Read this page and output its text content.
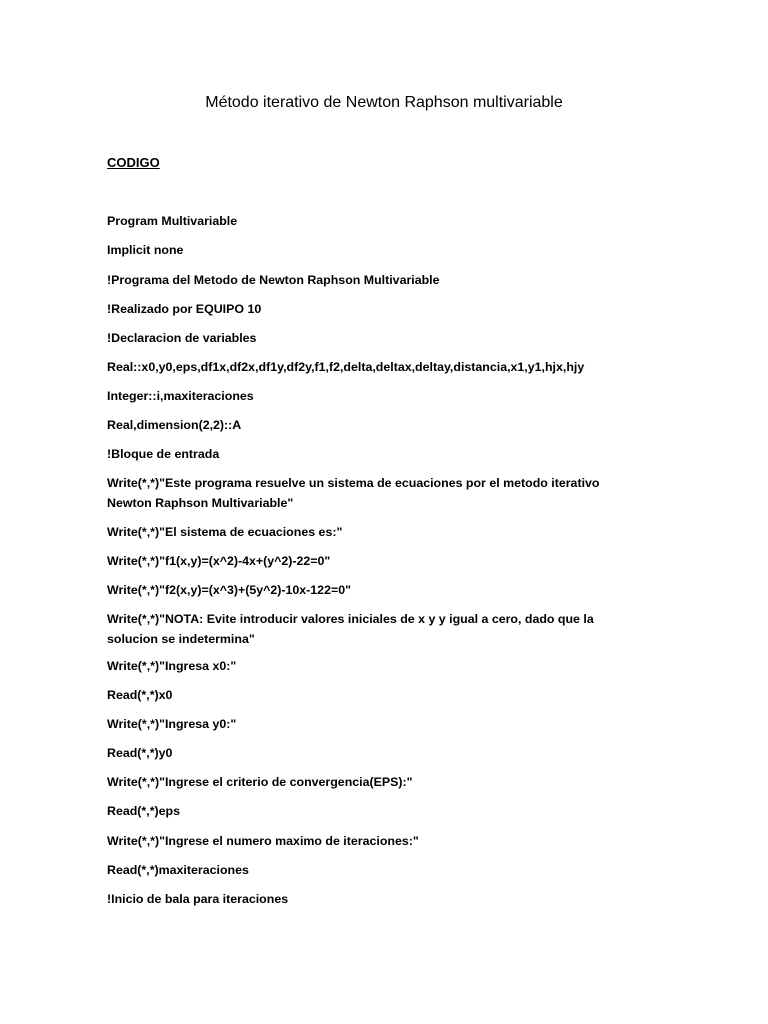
Método iterativo de Newton Raphson multivariable
CODIGO
Program Multivariable
Implicit none
!Programa del Metodo de Newton Raphson Multivariable
!Realizado por EQUIPO 10
!Declaracion de variables
Real::x0,y0,eps,df1x,df2x,df1y,df2y,f1,f2,delta,deltax,deltay,distancia,x1,y1,hjx,hjy
Integer::i,maxiteraciones
Real,dimension(2,2)::A
!Bloque de entrada
Write(*,*)"Este programa resuelve un sistema de ecuaciones por el metodo iterativo Newton Raphson Multivariable"
Write(*,*)"El sistema de ecuaciones es:"
Write(*,*)"f1(x,y)=(x^2)-4x+(y^2)-22=0"
Write(*,*)"f2(x,y)=(x^3)+(5y^2)-10x-122=0"
Write(*,*)"NOTA: Evite introducir valores iniciales de x y y igual a cero, dado que la solucion se indetermina"
Write(*,*)"Ingresa x0:"
Read(*,*)x0
Write(*,*)"Ingresa y0:"
Read(*,*)y0
Write(*,*)"Ingrese el criterio de convergencia(EPS):"
Read(*,*)eps
Write(*,*)"Ingrese el numero maximo de iteraciones:"
Read(*,*)maxiteraciones
!Inicio de bala para iteraciones
